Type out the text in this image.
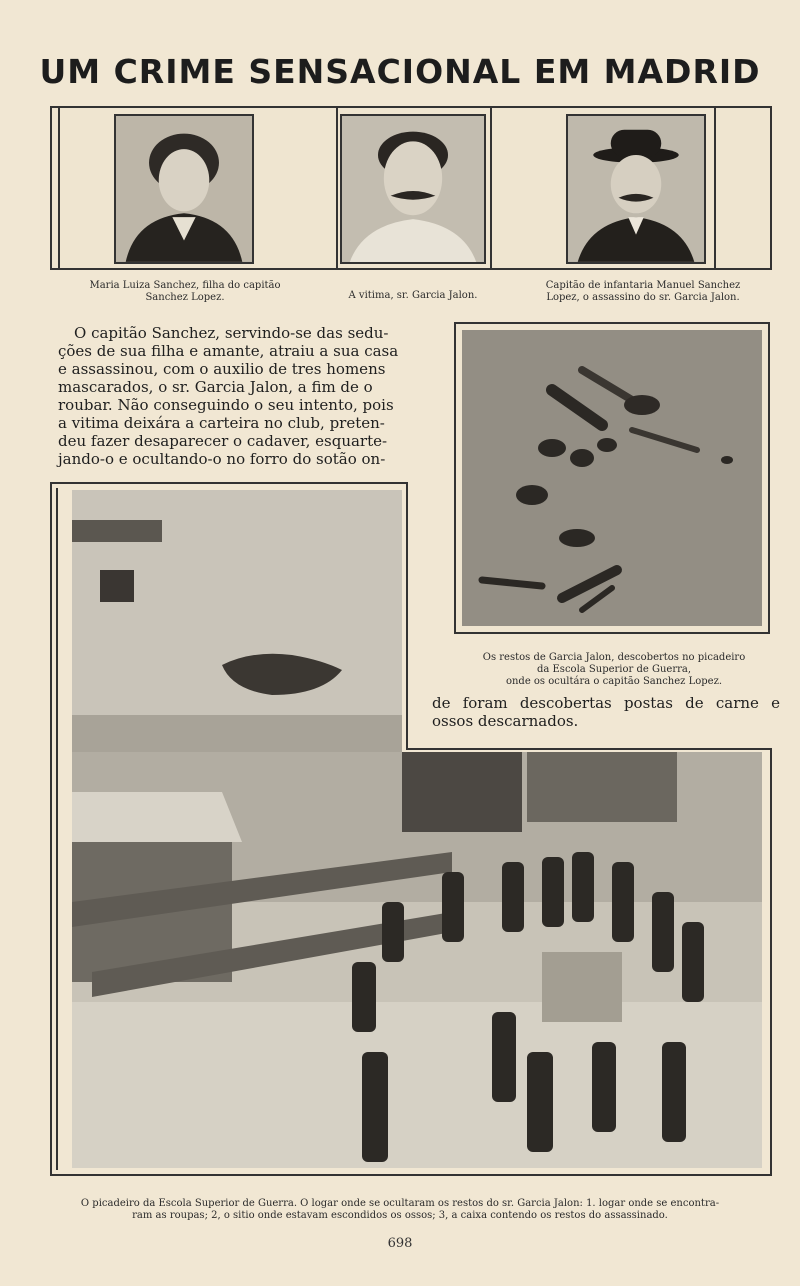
UM CRIME SENSACIONAL EM MADRID
Maria Luiza Sanchez, filha do capitão
Sanchez Lopez.	A vitima, sr. Garcia Jalon.
Capitão de infantaria Manuel Sanchez
Lopez, o assassino do sr. Garcia Jalon.
O capitão Sanchez, servindo-se das sedu-
ções de sua filha e amante, atraiu a sua casa
e assassinou, com o auxilio de tres homens
mascarados, o sr. Garcia Jalon, a fim de o
roubar. Não conseguindo o seu intento, pois
a vitima deixára a carteira no club, preten-
deu fazer desaparecer o cadaver, esquarte-
jando-o e ocultando-o no forro do sotão on-
Os restos de Garcia Jalon, descobertos no picadeiro
da Escola Superior de Guerra,
onde os ocultára o capitão Sanchez Lopez.
de foram descobertas postas de carne e
ossos descarnados.
O picadeiro da Escola Superior de Guerra. O logar onde se ocultaram os restos do sr. Garcia Jalon: 1. logar onde se encontra-
ram as roupas; 2, o sitio onde estavam escondidos os ossos; 3, a caixa contendo os restos do assassinado.
698
